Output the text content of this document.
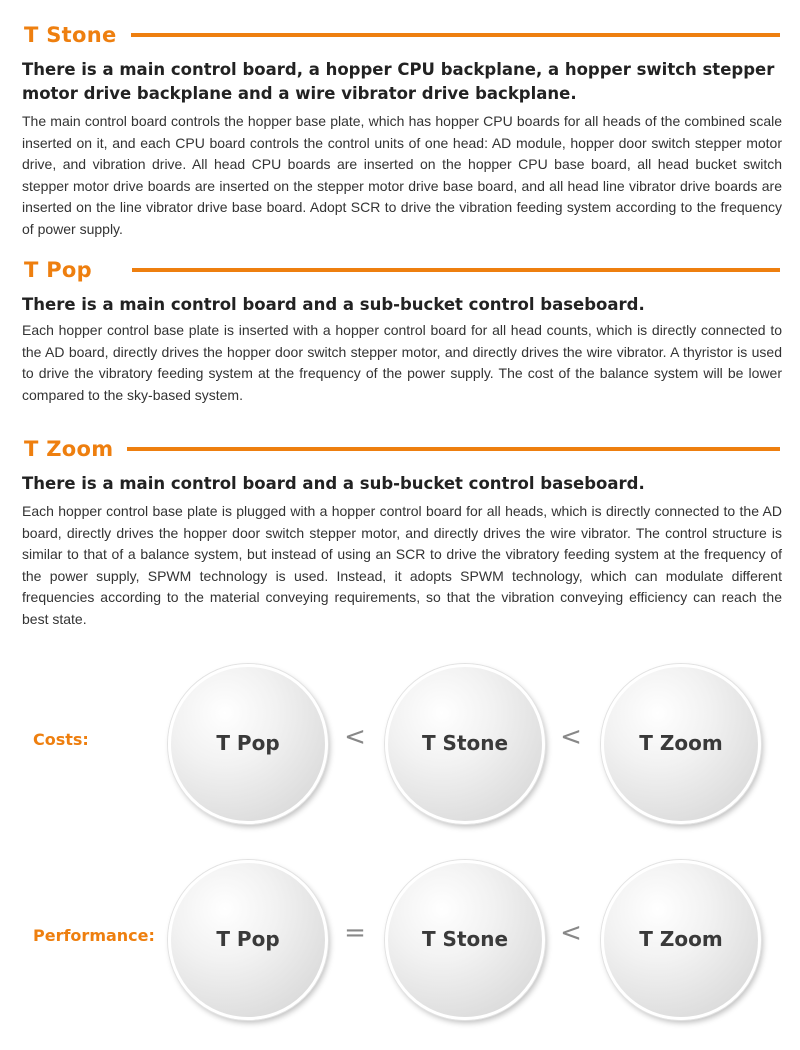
T Stone

There is a main control board, a hopper CPU backplane, a hopper switch stepper motor drive backplane and a wire vibrator drive backplane.

The main control board controls the hopper base plate, which has hopper CPU boards for all heads of the combined scale inserted on it, and each CPU board controls the control units of one head: AD module, hopper door switch stepper motor drive, and vibration drive. All head CPU boards are inserted on the hopper CPU base board, all head bucket switch stepper motor drive boards are inserted on the stepper motor drive base board, and all head line vibrator drive boards are inserted on the line vibrator drive base board. Adopt SCR to drive the vibration feeding system according to the frequency of power supply.

T Pop

There is a main control board and a sub-bucket control baseboard.

Each hopper control base plate is inserted with a hopper control board for all head counts, which is directly connected to the AD board, directly drives the hopper door switch stepper motor, and directly drives the wire vibrator. A thyristor is used to drive the vibratory feeding system at the frequency of the power supply. The cost of the balance system will be lower compared to the sky-based system.

T Zoom

There is a main control board and a sub-bucket control baseboard.

Each hopper control base plate is plugged with a hopper control board for all heads, which is directly connected to the AD board, directly drives the hopper door switch stepper motor, and directly drives the wire vibrator. The control structure is similar to that of a balance system, but instead of using an SCR to drive the vibratory feeding system at the frequency of the power supply, SPWM technology is used. Instead, it adopts SPWM technology, which can modulate different frequencies according to the material conveying requirements, so that the vibration conveying efficiency can reach the best state.

Costs:	T Pop <	T Stone <	T Zoom
Performance:	T Pop =	T Stone <	T Zoom
